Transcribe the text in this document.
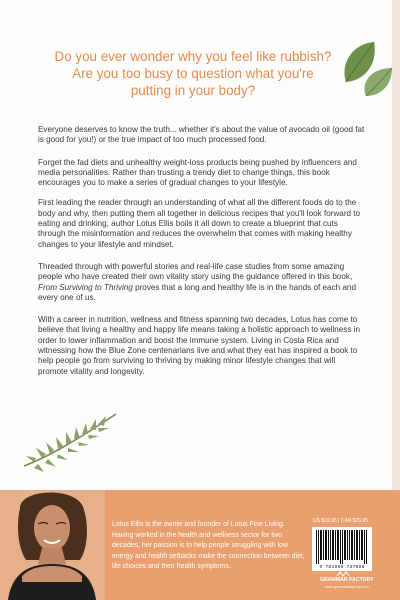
Do you ever wonder why you feel like rubbish?
Are you too busy to question what you're
putting in your body?

Everyone deserves to know the truth... whether it's about the value of avocado oil (good fat is good for you!) or the true impact of too much processed food.

Forget the fad diets and unhealthy weight-loss products being pushed by influencers and media personalities. Rather than trusting a trendy diet to change things, this book encourages you to make a series of gradual changes to your lifestyle.

First leading the reader through an understanding of what all the different foods do to the body and why, then putting them all together in delicious recipes that you'll look forward to eating and drinking, author Lotus Ellis boils it all down to create a blueprint that cuts through the misinformation and reduces the overwhelm that comes with making healthy changes to your lifestyle and mindset.

Threaded through with powerful stories and real-life case studies from some amazing people who have created their own vitality story using the guidance offered in this book, From Surviving to Thriving proves that a long and healthy life is in the hands of each and every one of us.

With a career in nutrition, wellness and fitness spanning two decades, Lotus has come to believe that living a healthy and happy life means taking a holistic approach to wellness in order to lower inflammation and boost the immune system. Living in Costa Rica and witnessing how the Blue Zone centenarians live and what they eat has inspired a book to help people go from surviving to thriving by making minor lifestyle changes that will promote vitality and longevity.

Lotus Ellis is the owner and founder of Lotus Fine Living. Having worked in the health and wellness sector for two decades, her passion is to help people struggling with low energy and health setbacks make the connection between diet, life choices and their health symptoms.
US $19.95 | CAN $26.95
9 781989 737088
GRAMMAR FACTORY
www.grammarfactory.com
